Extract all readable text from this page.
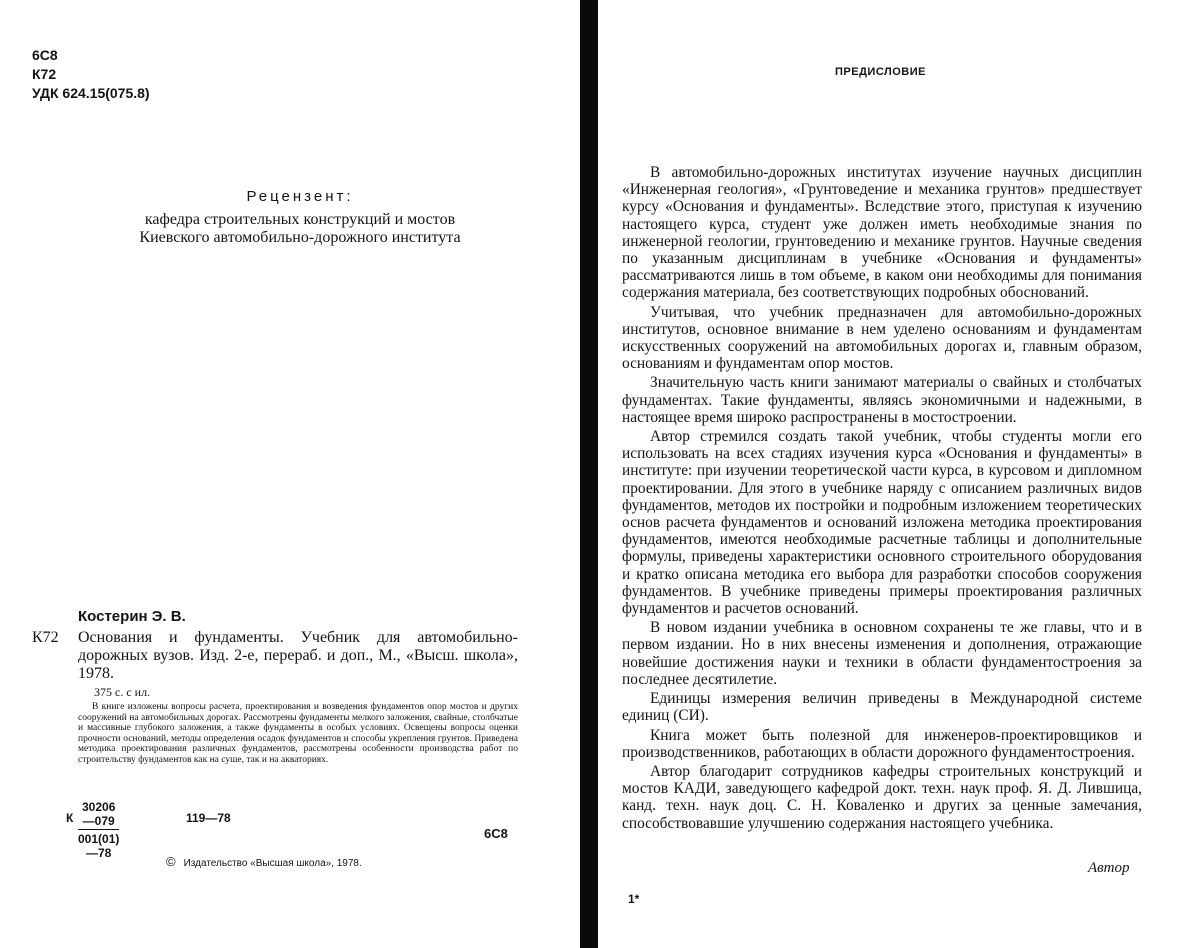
6C8
К72
УДК 624.15(075.8)
Рецензент:
кафедра строительных конструкций и мостов
Киевского автомобильно-дорожного института
Костерин Э. В.
К72 Основания и фундаменты. Учебник для автомобильно-дорожных вузов. Изд. 2-е, перераб. и доп., М., «Высш. школа», 1978.
375 с. с ил.
В книге изложены вопросы расчета, проектирования и возведения фундаментов опор мостов и других сооружений на автомобильных дорогах. Рассмотрены фундаменты мелкого заложения, свайные, столбчатые и массивные глубокого заложения, а также фундаменты в особых условиях. Освещены вопросы оценки прочности оснований, методы определения осадок фундаментов и способы укрепления грунтов. Приведена методика проектирования различных фундаментов, рассмотрены особенности производства работ по строительству фундаментов как на суше, так и на акваториях.
К $\frac{30206—079}{001(01)—78}$	119—78
6C8
© Издательство «Высшая школа», 1978.
ПРЕДИСЛОВИЕ

В автомобильно-дорожных институтах изучение научных дисциплин «Инженерная геология», «Грунтоведение и механика грунтов» предшествует курсу «Основания и фундаменты». Вследствие этого, приступая к изучению настоящего курса, студент уже должен иметь необходимые знания по инженерной геологии, грунтоведению и механике грунтов. Научные сведения по указанным дисциплинам в учебнике «Основания и фундаменты» рассматриваются лишь в том объеме, в каком они необходимы для понимания содержания материала, без соответствующих подробных обоснований.

Учитывая, что учебник предназначен для автомобильно-дорожных институтов, основное внимание в нем уделено основаниям и фундаментам искусственных сооружений на автомобильных дорогах и, главным образом, основаниям и фундаментам опор мостов.

Значительную часть книги занимают материалы о свайных и столбчатых фундаментах. Такие фундаменты, являясь экономичными и надежными, в настоящее время широко распространены в мостостроении.

Автор стремился создать такой учебник, чтобы студенты могли его использовать на всех стадиях изучения курса «Основания и фундаменты» в институте: при изучении теоретической части курса, в курсовом и дипломном проектировании. Для этого в учебнике наряду с описанием различных видов фундаментов, методов их постройки и подробным изложением теоретических основ расчета фундаментов и оснований изложена методика проектирования фундаментов, имеются необходимые расчетные таблицы и дополнительные формулы, приведены характеристики основного строительного оборудования и кратко описана методика его выбора для разработки способов сооружения фундаментов. В учебнике приведены примеры проектирования различных фундаментов и расчетов оснований.

В новом издании учебника в основном сохранены те же главы, что и в первом издании. Но в них внесены изменения и дополнения, отражающие новейшие достижения науки и техники в области фундаментостроения за последнее десятилетие.

Единицы измерения величин приведены в Международной системе единиц (СИ).

Книга может быть полезной для инженеров-проектировщиков и производственников, работающих в области дорожного фундаментостроения.

Автор благодарит сотрудников кафедры строительных конструкций и мостов КАДИ, заведующего кафедрой докт. техн. наук проф. Я. Д. Лившица, канд. техн. наук доц. С. Н. Коваленко и других за ценные замечания, способствовавшие улучшению содержания настоящего учебника.

Автор
1*
